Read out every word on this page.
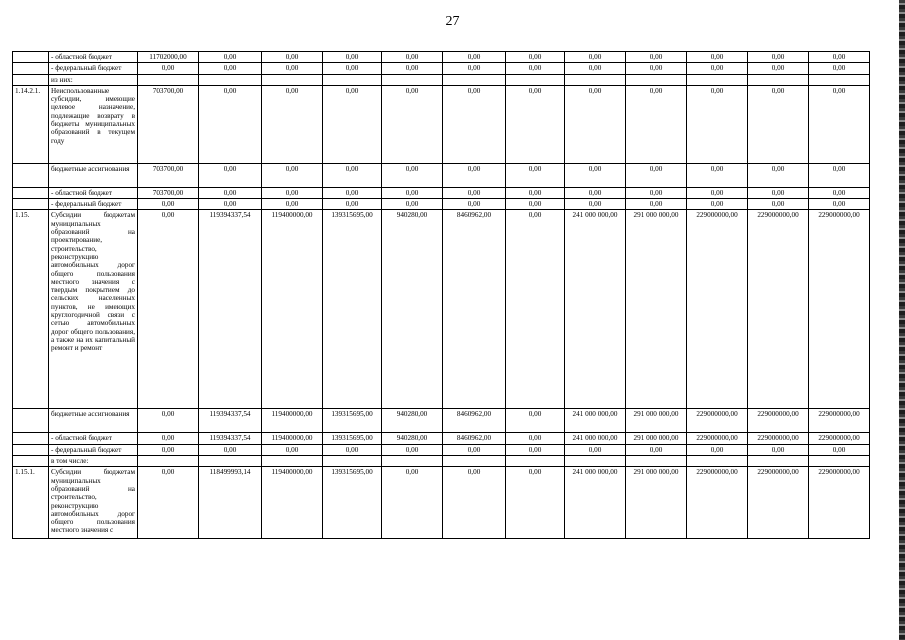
27
	- областной бюджет	11702000,00	0,00	0,00	0,00	0,00	0,00	0,00	0,00	0,00	0,00	0,00	0,00
	- федеральный бюджет	0,00	0,00	0,00	0,00	0,00	0,00	0,00	0,00	0,00	0,00	0,00	0,00
	из них:												
1.14.2.1.	Неиспользованные субсидии, имеющие целевое назначение, подлежащие возврату в бюджеты муниципальных образований в текущем году	703700,00	0,00	0,00	0,00	0,00	0,00	0,00	0,00	0,00	0,00	0,00	0,00
	бюджетные ассигнования	703700,00	0,00	0,00	0,00	0,00	0,00	0,00	0,00	0,00	0,00	0,00	0,00
	- областной бюджет	703700,00	0,00	0,00	0,00	0,00	0,00	0,00	0,00	0,00	0,00	0,00	0,00
	- федеральный бюджет	0,00	0,00	0,00	0,00	0,00	0,00	0,00	0,00	0,00	0,00	0,00	0,00
1.15.	Субсидии бюджетам муниципальных образований на проектирование, строительство, реконструкцию автомобильных дорог общего пользования местного значения с твердым покрытием до сельских населенных пунктов, не имеющих круглогодичной связи с сетью автомобильных дорог общего пользования, а также на их капитальный ремонт и ремонт	0,00	119394337,54	119400000,00	139315695,00	940280,00	8460962,00	0,00	241 000 000,00	291 000 000,00	229000000,00	229000000,00	229000000,00
	бюджетные ассигнования	0,00	119394337,54	119400000,00	139315695,00	940280,00	8460962,00	0,00	241 000 000,00	291 000 000,00	229000000,00	229000000,00	229000000,00
	- областной бюджет	0,00	119394337,54	119400000,00	139315695,00	940280,00	8460962,00	0,00	241 000 000,00	291 000 000,00	229000000,00	229000000,00	229000000,00
	- федеральный бюджет	0,00	0,00	0,00	0,00	0,00	0,00	0,00	0,00	0,00	0,00	0,00	0,00
	в том числе:												
1.15.1.	Субсидии бюджетам муниципальных образований на строительство, реконструкцию автомобильных дорог общего пользования местного значения с	0,00	118499993,14	119400000,00	139315695,00	0,00	0,00	0,00	241 000 000,00	291 000 000,00	229000000,00	229000000,00	229000000,00
